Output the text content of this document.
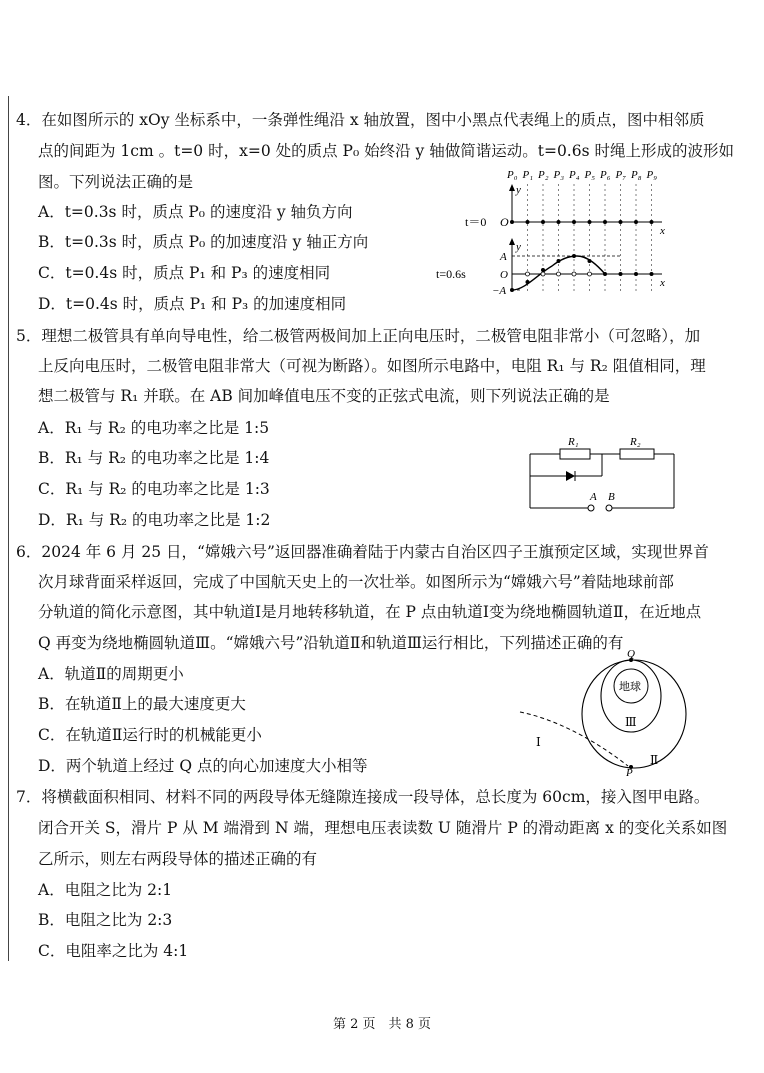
4．在如图所示的 xOy 坐标系中，一条弹性绳沿 x 轴放置，图中小黑点代表绳上的质点，图中相邻质
点的间距为 1cm 。t=0 时，x=0 处的质点 P₀ 始终沿 y 轴做简谐运动。t=0.6s 时绳上形成的波形如
图。下列说法正确的是
A．t=0.3s 时，质点 P₀ 的速度沿 y 轴负方向
B．t=0.3s 时，质点 P₀ 的加速度沿 y 轴正方向
C．t=0.4s 时，质点 P₁ 和 P₃ 的速度相同
D．t=0.4s 时，质点 P₁ 和 P₃ 的加速度相同
P₀ P₁ P₂ P₃ P₄ P₅ P₆ P₇ P₈ P₉
t＝0 O
y
x
y
x
A
O
−A
t=0.6s
5．理想二极管具有单向导电性，给二极管两极间加上正向电压时，二极管电阻非常小（可忽略），加
上反向电压时，二极管电阻非常大（可视为断路）。如图所示电路中，电阻 R₁ 与 R₂ 阻值相同，理
想二极管与 R₁ 并联。在 AB 间加峰值电压不变的正弦式电流，则下列说法正确的是
A．R₁ 与 R₂ 的电功率之比是 1:5
B．R₁ 与 R₂ 的电功率之比是 1:4
C．R₁ 与 R₂ 的电功率之比是 1:3
D．R₁ 与 R₂ 的电功率之比是 1:2
R₁	R₂
A B
6．2024 年 6 月 25 日，“嫦娥六号”返回器准确着陆于内蒙古自治区四子王旗预定区域，实现世界首
次月球背面采样返回，完成了中国航天史上的一次壮举。如图所示为“嫦娥六号”着陆地球前部
分轨道的简化示意图，其中轨道Ⅰ是月地转移轨道，在 P 点由轨道Ⅰ变为绕地椭圆轨道Ⅱ，在近地点
Q 再变为绕地椭圆轨道Ⅲ。“嫦娥六号”沿轨道Ⅱ和轨道Ⅲ运行相比，下列描述正确的有
A．轨道Ⅱ的周期更小
B．在轨道Ⅱ上的最大速度更大
C．在轨道Ⅱ运行时的机械能更小
D．两个轨道上经过 Q 点的向心加速度大小相等
Q
P
地球
Ⅲ
Ⅱ
Ⅰ
7．将横截面积相同、材料不同的两段导体无缝隙连接成一段导体，总长度为 60cm，接入图甲电路。
闭合开关 S，滑片 P 从 M 端滑到 N 端，理想电压表读数 U 随滑片 P 的滑动距离 x 的变化关系如图
乙所示，则左右两段导体的描述正确的有
A．电阻之比为 2:1
B．电阻之比为 2:3
C．电阻率之比为 4:1
第 2 页　共 8 页
